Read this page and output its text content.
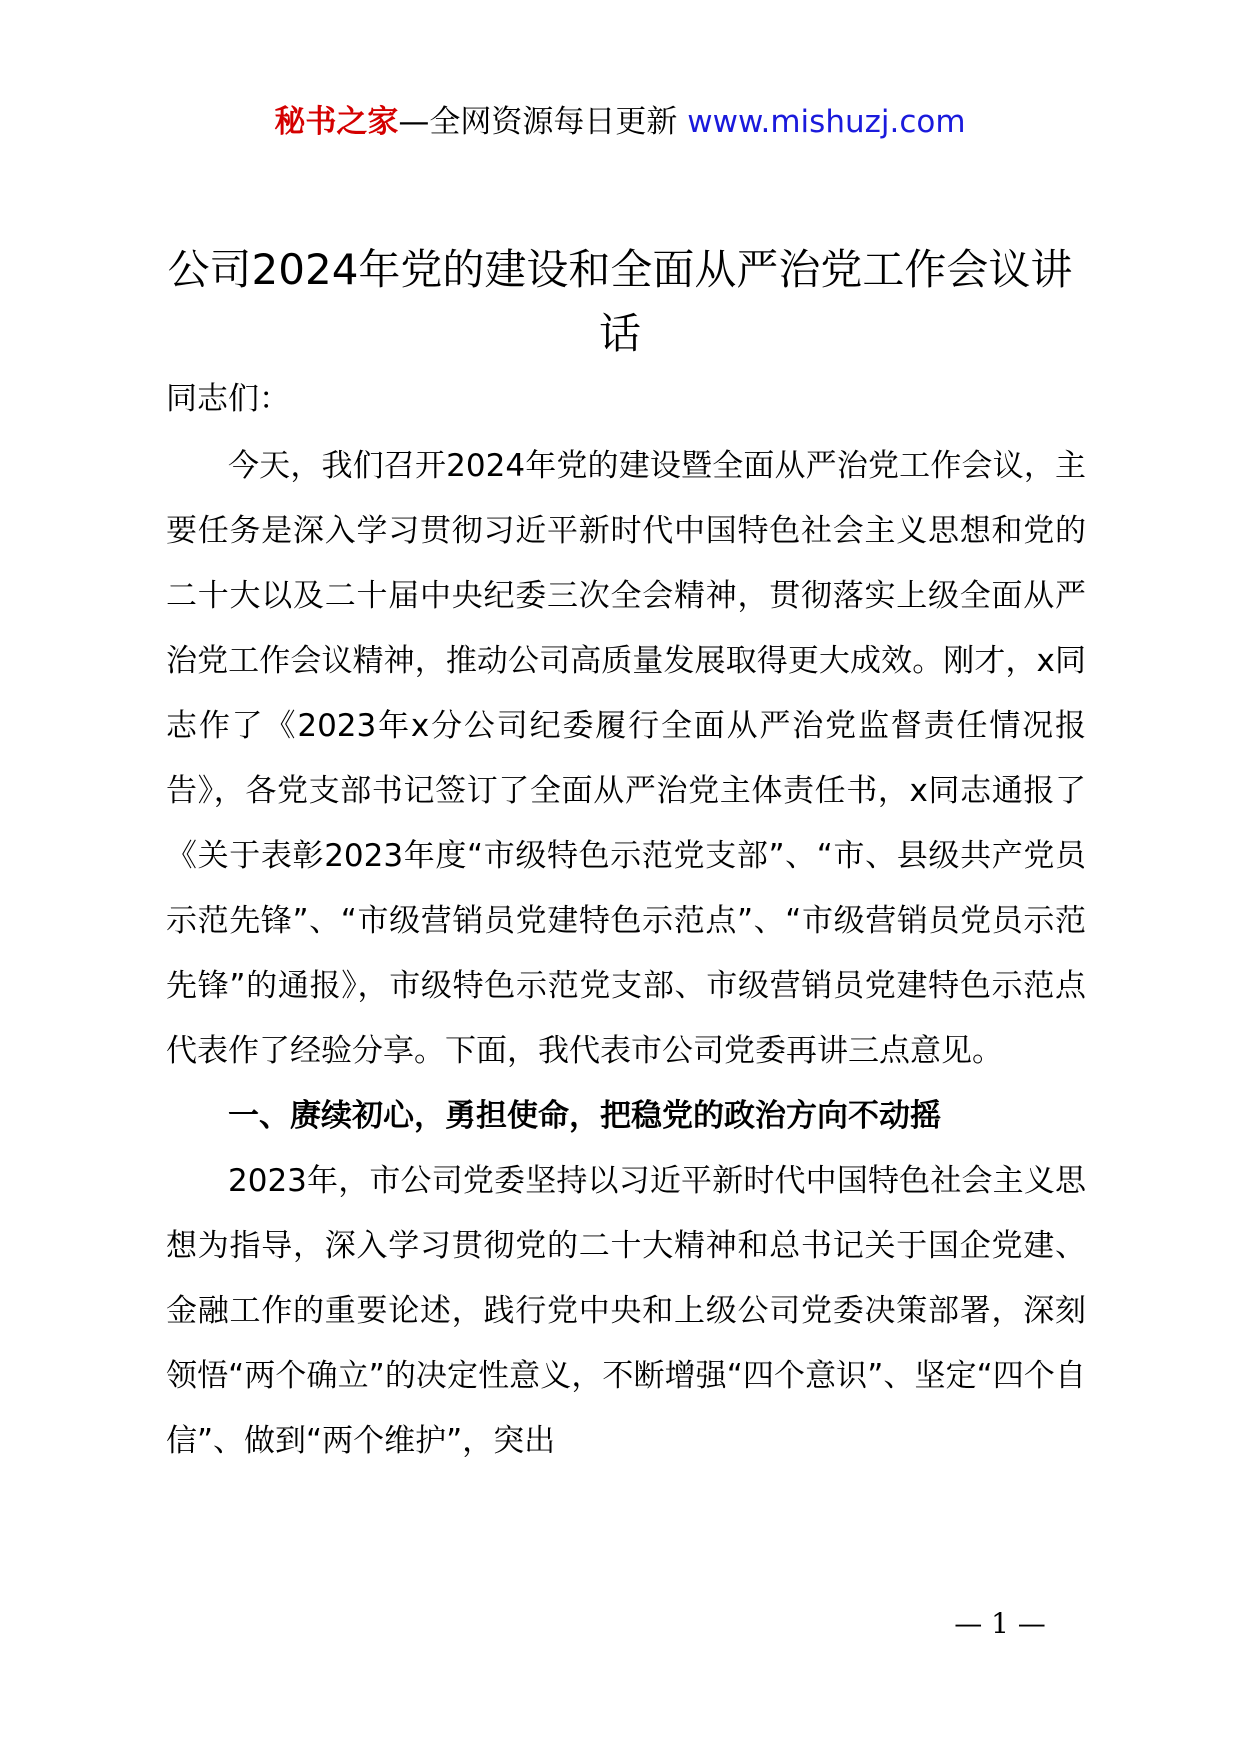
秘书之家—全网资源每日更新 www.mishuzj.com
公司2024年党的建设和全面从严治党工作会议讲话
同志们：

今天，我们召开2024年党的建设暨全面从严治党工作会议，主要任务是深入学习贯彻习近平新时代中国特色社会主义思想和党的二十大以及二十届中央纪委三次全会精神，贯彻落实上级全面从严治党工作会议精神，推动公司高质量发展取得更大成效。刚才，x同志作了《2023年x分公司纪委履行全面从严治党监督责任情况报告》，各党支部书记签订了全面从严治党主体责任书，x同志通报了《关于表彰2023年度“市级特色示范党支部”、“市、县级共产党员示范先锋”、“市级营销员党建特色示范点”、“市级营销员党员示范先锋”的通报》，市级特色示范党支部、市级营销员党建特色示范点代表作了经验分享。下面，我代表市公司党委再讲三点意见。

一、赓续初心，勇担使命，把稳党的政治方向不动摇

2023年，市公司党委坚持以习近平新时代中国特色社会主义思想为指导，深入学习贯彻党的二十大精神和总书记关于国企党建、金融工作的重要论述，践行党中央和上级公司党委决策部署，深刻领悟“两个确立”的决定性意义，不断增强“四个意识”、坚定“四个自信”、做到“两个维护”，突出

— 1 —
